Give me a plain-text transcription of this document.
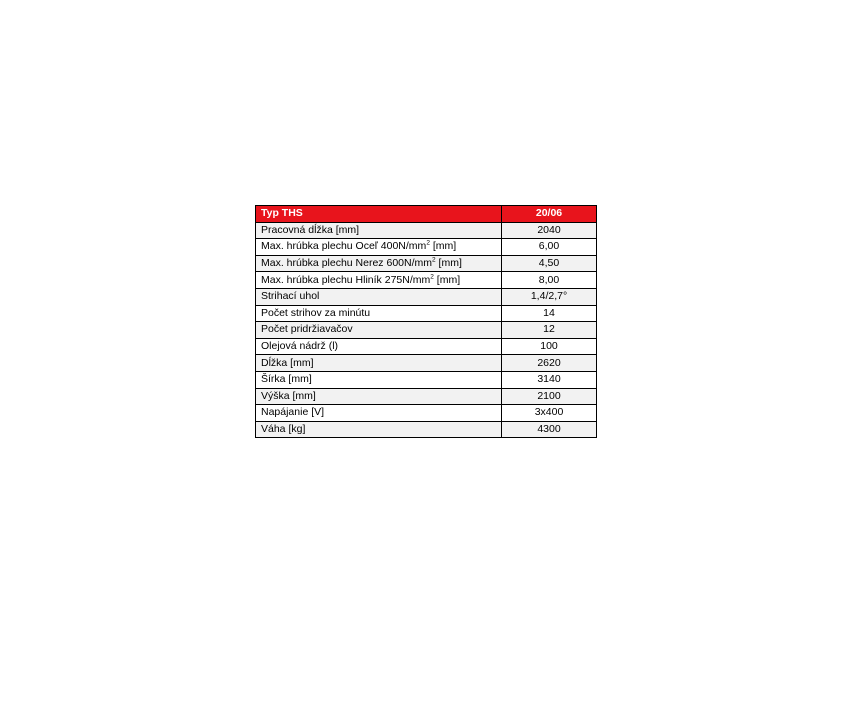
Typ THS	20/06
Pracovná dĺžka [mm]	2040
Max. hrúbka plechu Oceľ $400N/mm^2$ [mm]	6,00
Max. hrúbka plechu Nerez $600N/mm^2$ [mm]	4,50
Max. hrúbka plechu Hliník $275N/mm^2$ [mm]	8,00
Strihací uhol	1,4/2,7°
Počet strihov za minútu	14
Počet pridržiavačov	12
Olejová nádrž (l)	100
Dĺžka [mm]	2620
Šírka [mm]	3140
Výška [mm]	2100
Napájanie [V]	3x400
Váha [kg]	4300
